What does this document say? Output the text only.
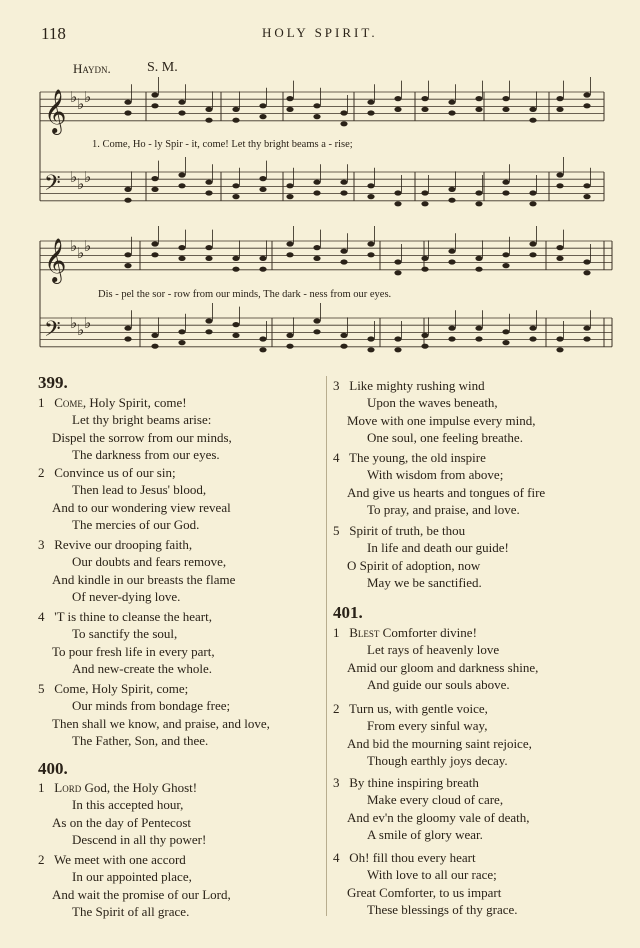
118	HOLY SPIRIT.
Haydn.	S. M.
𝄞 ♭ ♭ ♭
𝄢 ♭ ♭ ♭
𝄞 ♭ ♭ ♭
𝄢 ♭ ♭ ♭
1. Come, Ho - ly Spir - it, come! Let thy bright beams a - rise;
Dis - pel the sor - row from our minds, The dark - ness from our eyes.
399.
1 Come, Holy Spirit, come!
Let thy bright beams arise:
Dispel the sorrow from our minds,
The darkness from our eyes.
2 Convince us of our sin;
Then lead to Jesus' blood,
And to our wondering view reveal
The mercies of our God.
3 Revive our drooping faith,
Our doubts and fears remove,
And kindle in our breasts the flame
Of never-dying love.
4 'T is thine to cleanse the heart,
To sanctify the soul,
To pour fresh life in every part,
And new-create the whole.
5 Come, Holy Spirit, come;
Our minds from bondage free;
Then shall we know, and praise, and love,
The Father, Son, and thee.
400.
1 Lord God, the Holy Ghost!
In this accepted hour,
As on the day of Pentecost
Descend in all thy power!
2 We meet with one accord
In our appointed place,
And wait the promise of our Lord,
The Spirit of all grace.
3 Like mighty rushing wind
Upon the waves beneath,
Move with one impulse every mind,
One soul, one feeling breathe.
4 The young, the old inspire
With wisdom from above;
And give us hearts and tongues of fire
To pray, and praise, and love.
5 Spirit of truth, be thou
In life and death our guide!
O Spirit of adoption, now
May we be sanctified.
401.
1 Blest Comforter divine!
Let rays of heavenly love
Amid our gloom and darkness shine,
And guide our souls above.
2 Turn us, with gentle voice,
From every sinful way,
And bid the mourning saint rejoice,
Though earthly joys decay.
3 By thine inspiring breath
Make every cloud of care,
And ev'n the gloomy vale of death,
A smile of glory wear.
4 Oh! fill thou every heart
With love to all our race;
Great Comforter, to us impart
These blessings of thy grace.
